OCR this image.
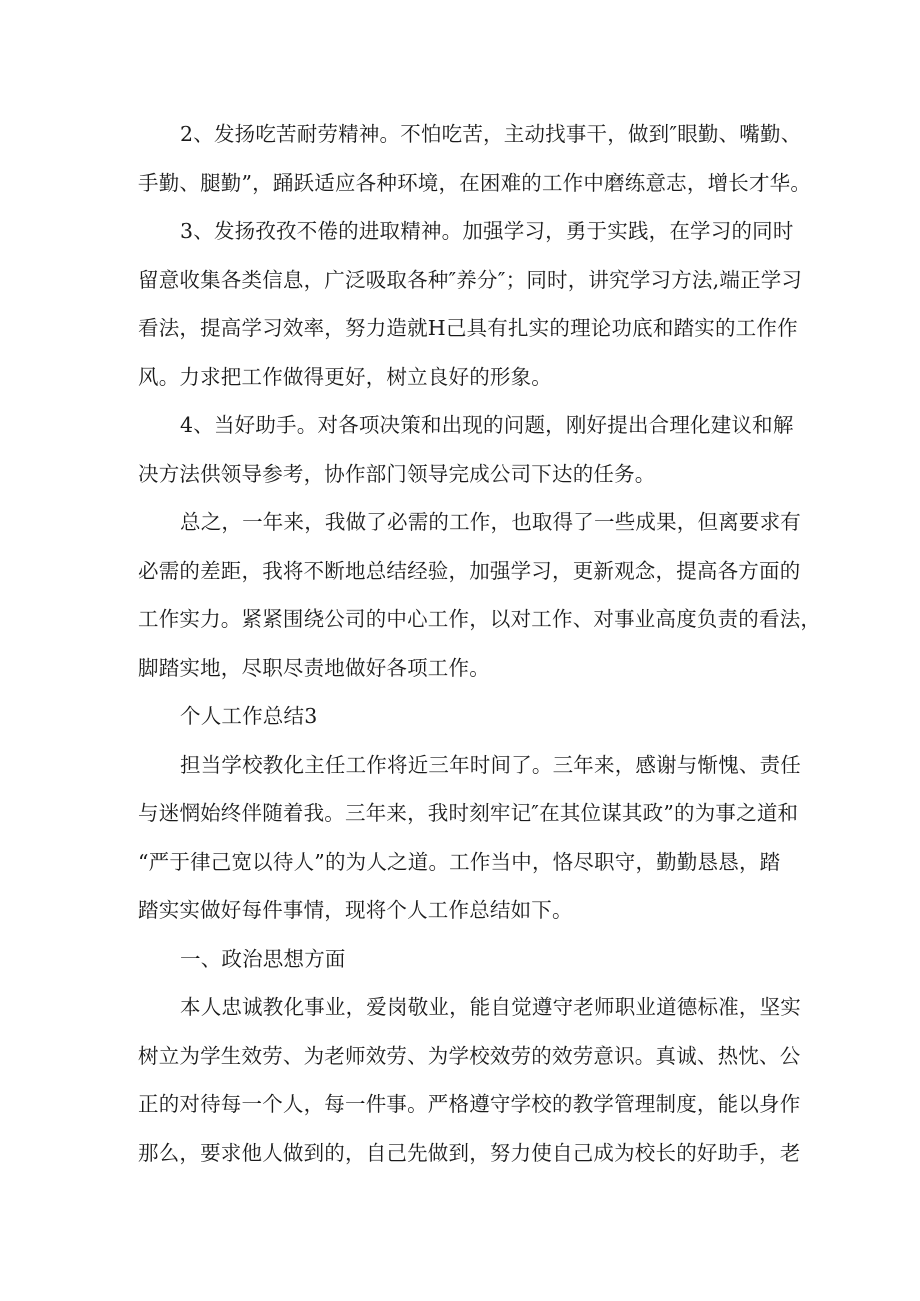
2、发扬吃苦耐劳精神。不怕吃苦，主动找事干，做到″眼勤、嘴勤、
手勤、腿勤”，踊跃适应各种环境，在困难的工作中磨练意志，增长才华。
3、发扬孜孜不倦的进取精神。加强学习，勇于实践，在学习的同时
留意收集各类信息，广泛吸取各种″养分″；同时，讲究学习方法,端正学习
看法，提高学习效率，努力造就H己具有扎实的理论功底和踏实的工作作
风。力求把工作做得更好，树立良好的形象。
4、当好助手。对各项决策和出现的问题，刚好提出合理化建议和解
决方法供领导参考，协作部门领导完成公司下达的任务。
总之，一年来，我做了必需的工作，也取得了一些成果，但离要求有
必需的差距，我将不断地总结经验，加强学习，更新观念，提高各方面的
工作实力。紧紧围绕公司的中心工作，以对工作、对事业高度负责的看法，
脚踏实地，尽职尽责地做好各项工作。
个人工作总结3
担当学校教化主任工作将近三年时间了。三年来，感谢与惭愧、责任
与迷惘始终伴随着我。三年来，我时刻牢记″在其位谋其政”的为事之道和
“严于律己宽以待人”的为人之道。工作当中，恪尽职守，勤勤恳恳，踏
踏实实做好每件事情，现将个人工作总结如下。
一、政治思想方面
本人忠诚教化事业，爱岗敬业，能自觉遵守老师职业道德标准，坚实
树立为学生效劳、为老师效劳、为学校效劳的效劳意识。真诚、热忱、公
正的对待每一个人，每一件事。严格遵守学校的教学管理制度，能以身作
那么，要求他人做到的，自己先做到，努力使自己成为校长的好助手，老
